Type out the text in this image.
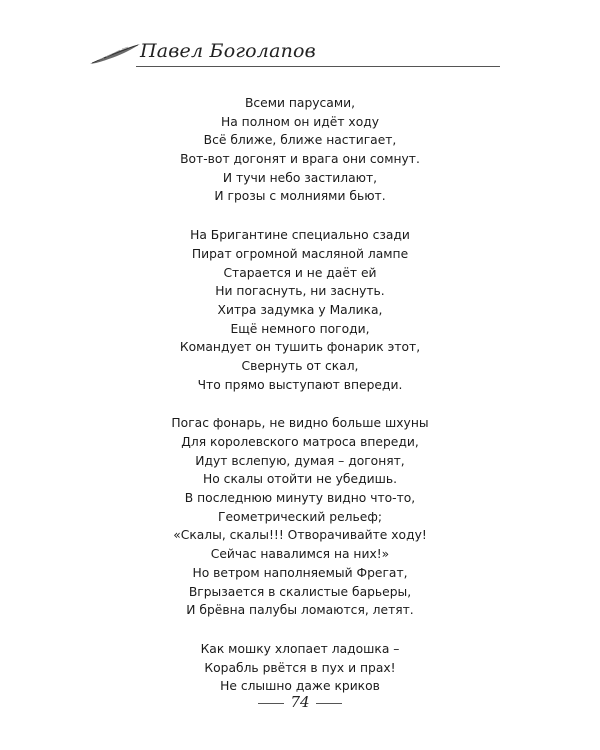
Павел Боголапов
Всеми парусами,
На полном он идёт ходу
Всё ближе, ближе настигает,
Вот-вот догонят и врага они сомнут.
И тучи небо застилают,
И грозы с молниями бьют.
На Бригантине специально сзади
Пират огромной масляной лампе
Старается и не даёт ей
Ни погаснуть, ни заснуть.
Хитра задумка у Малика,
Ещё немного погоди,
Командует он тушить фонарик этот,
Свернуть от скал,
Что прямо выступают впереди.
Погас фонарь, не видно больше шхуны
Для королевского матроса впереди,
Идут вслепую, думая – догонят,
Но скалы отойти не убедишь.
В последнюю минуту видно что-то,
Геометрический рельеф;
«Скалы, скалы!!! Отворачивайте ходу!
Сейчас навалимся на них!»
Но ветром наполняемый Фрегат,
Вгрызается в скалистые барьеры,
И брёвна палубы ломаются, летят.
Как мошку хлопает ладошка –
Корабль рвётся в пух и прах!
Не слышно даже криков
74
